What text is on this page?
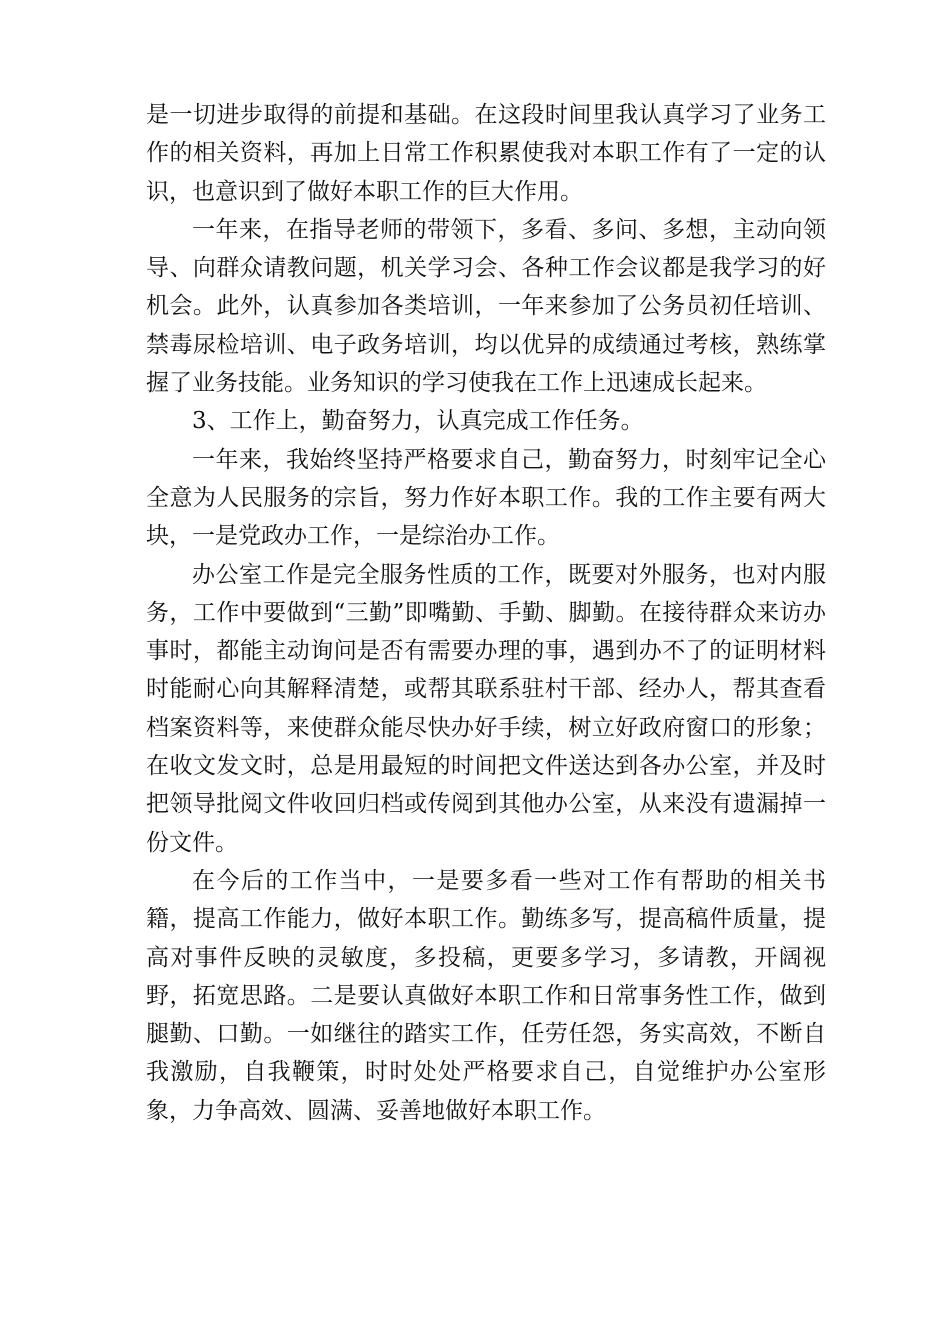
是一切进步取得的前提和基础。在这段时间里我认真学习了业务工作的相关资料，再加上日常工作积累使我对本职工作有了一定的认识，也意识到了做好本职工作的巨大作用。

一年来，在指导老师的带领下，多看、多问、多想，主动向领导、向群众请教问题，机关学习会、各种工作会议都是我学习的好机会。此外，认真参加各类培训，一年来参加了公务员初任培训、禁毒尿检培训、电子政务培训，均以优异的成绩通过考核，熟练掌握了业务技能。业务知识的学习使我在工作上迅速成长起来。

3、工作上，勤奋努力，认真完成工作任务。

一年来，我始终坚持严格要求自己，勤奋努力，时刻牢记全心全意为人民服务的宗旨，努力作好本职工作。我的工作主要有两大块，一是党政办工作，一是综治办工作。

办公室工作是完全服务性质的工作，既要对外服务，也对内服务，工作中要做到“三勤”即嘴勤、手勤、脚勤。在接待群众来访办事时，都能主动询问是否有需要办理的事，遇到办不了的证明材料时能耐心向其解释清楚，或帮其联系驻村干部、经办人，帮其查看档案资料等，来使群众能尽快办好手续，树立好政府窗口的形象；在收文发文时，总是用最短的时间把文件送达到各办公室，并及时把领导批阅文件收回归档或传阅到其他办公室，从来没有遗漏掉一份文件。

在今后的工作当中，一是要多看一些对工作有帮助的相关书籍，提高工作能力，做好本职工作。勤练多写，提高稿件质量，提高对事件反映的灵敏度，多投稿，更要多学习，多请教，开阔视野，拓宽思路。二是要认真做好本职工作和日常事务性工作，做到腿勤、口勤。一如继往的踏实工作，任劳任怨，务实高效，不断自我激励，自我鞭策，时时处处严格要求自己，自觉维护办公室形象，力争高效、圆满、妥善地做好本职工作。
